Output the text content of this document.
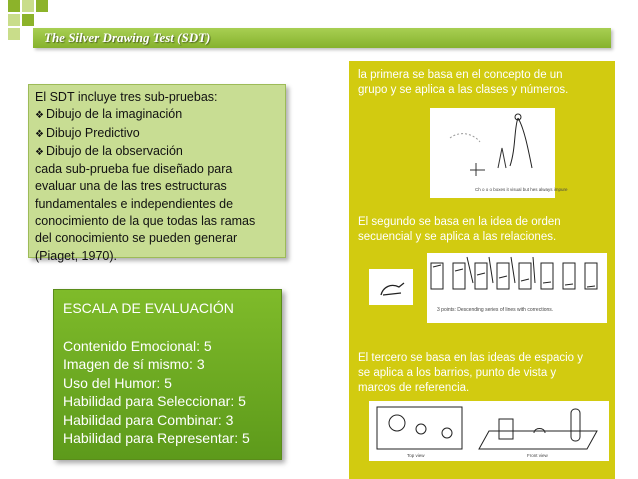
The Silver Drawing Test (SDT)
El SDT incluye tres sub-pruebas:
❖ Dibujo de la imaginación
❖ Dibujo Predictivo
❖ Dibujo de la observación
cada sub-prueba fue diseñado para
evaluar una de las tres estructuras
fundamentales e independientes de
conocimiento de la que todas las ramas
del conocimiento se pueden generar
(Piaget, 1970).
ESCALA DE EVALUACIÓN
Contenido Emocional: 5
Imagen de sí mismo: 3
Uso del Humor: 5
Habilidad para Seleccionar: 5
Habilidad para Combinar: 3
Habilidad para Representar: 5
la primera se basa en el concepto de un
grupo y se aplica a las clases y números.
Ch o o o boxes it visual but hes always impure
El segundo se basa en la idea de orden
secuencial y se aplica a las relaciones.
3 points: Descending series of lines with corrections.
El tercero se basa en las ideas de espacio y
se aplica a los barrios, punto de vista y
marcos de referencia.
Top view	Front view
